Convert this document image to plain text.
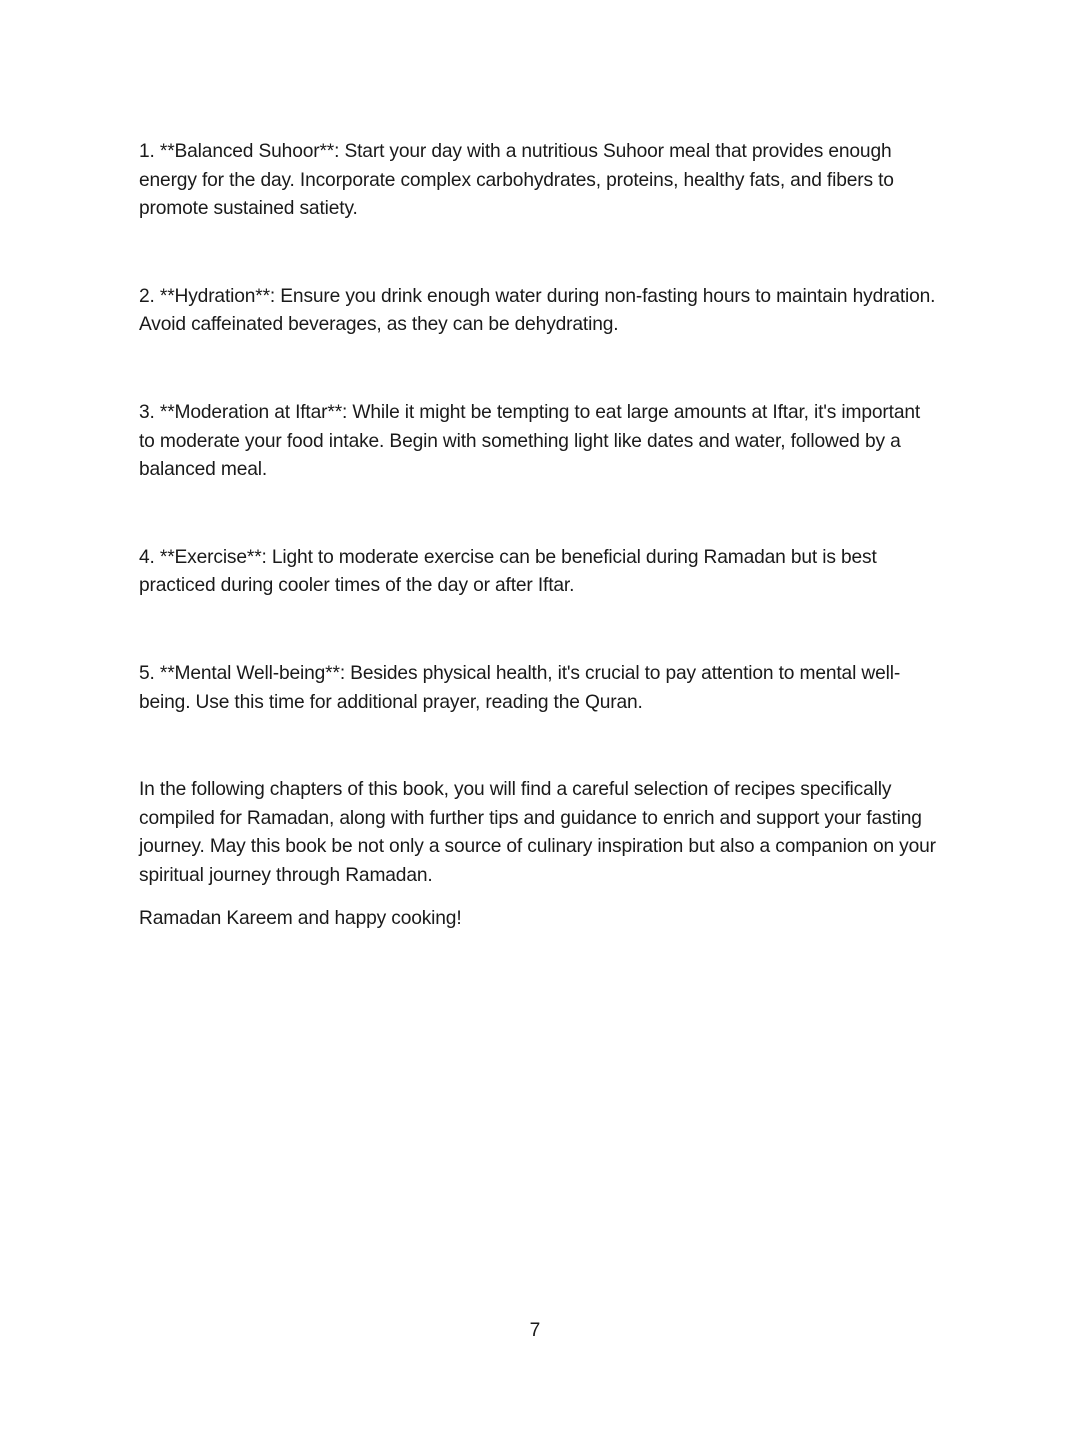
1. **Balanced Suhoor**: Start your day with a nutritious Suhoor meal that provides enough energy for the day. Incorporate complex carbohydrates, proteins, healthy fats, and fibers to promote sustained satiety.

2. **Hydration**: Ensure you drink enough water during non-fasting hours to maintain hydration. Avoid caffeinated beverages, as they can be dehydrating.

3. **Moderation at Iftar**: While it might be tempting to eat large amounts at Iftar, it's important to moderate your food intake. Begin with something light like dates and water, followed by a balanced meal.

4. **Exercise**: Light to moderate exercise can be beneficial during Ramadan but is best practiced during cooler times of the day or after Iftar.

5. **Mental Well-being**: Besides physical health, it's crucial to pay attention to mental well-being. Use this time for additional prayer, reading the Quran.

In the following chapters of this book, you will find a careful selection of recipes specifically compiled for Ramadan, along with further tips and guidance to enrich and support your fasting journey. May this book be not only a source of culinary inspiration but also a companion on your spiritual journey through Ramadan.

Ramadan Kareem and happy cooking!

7
